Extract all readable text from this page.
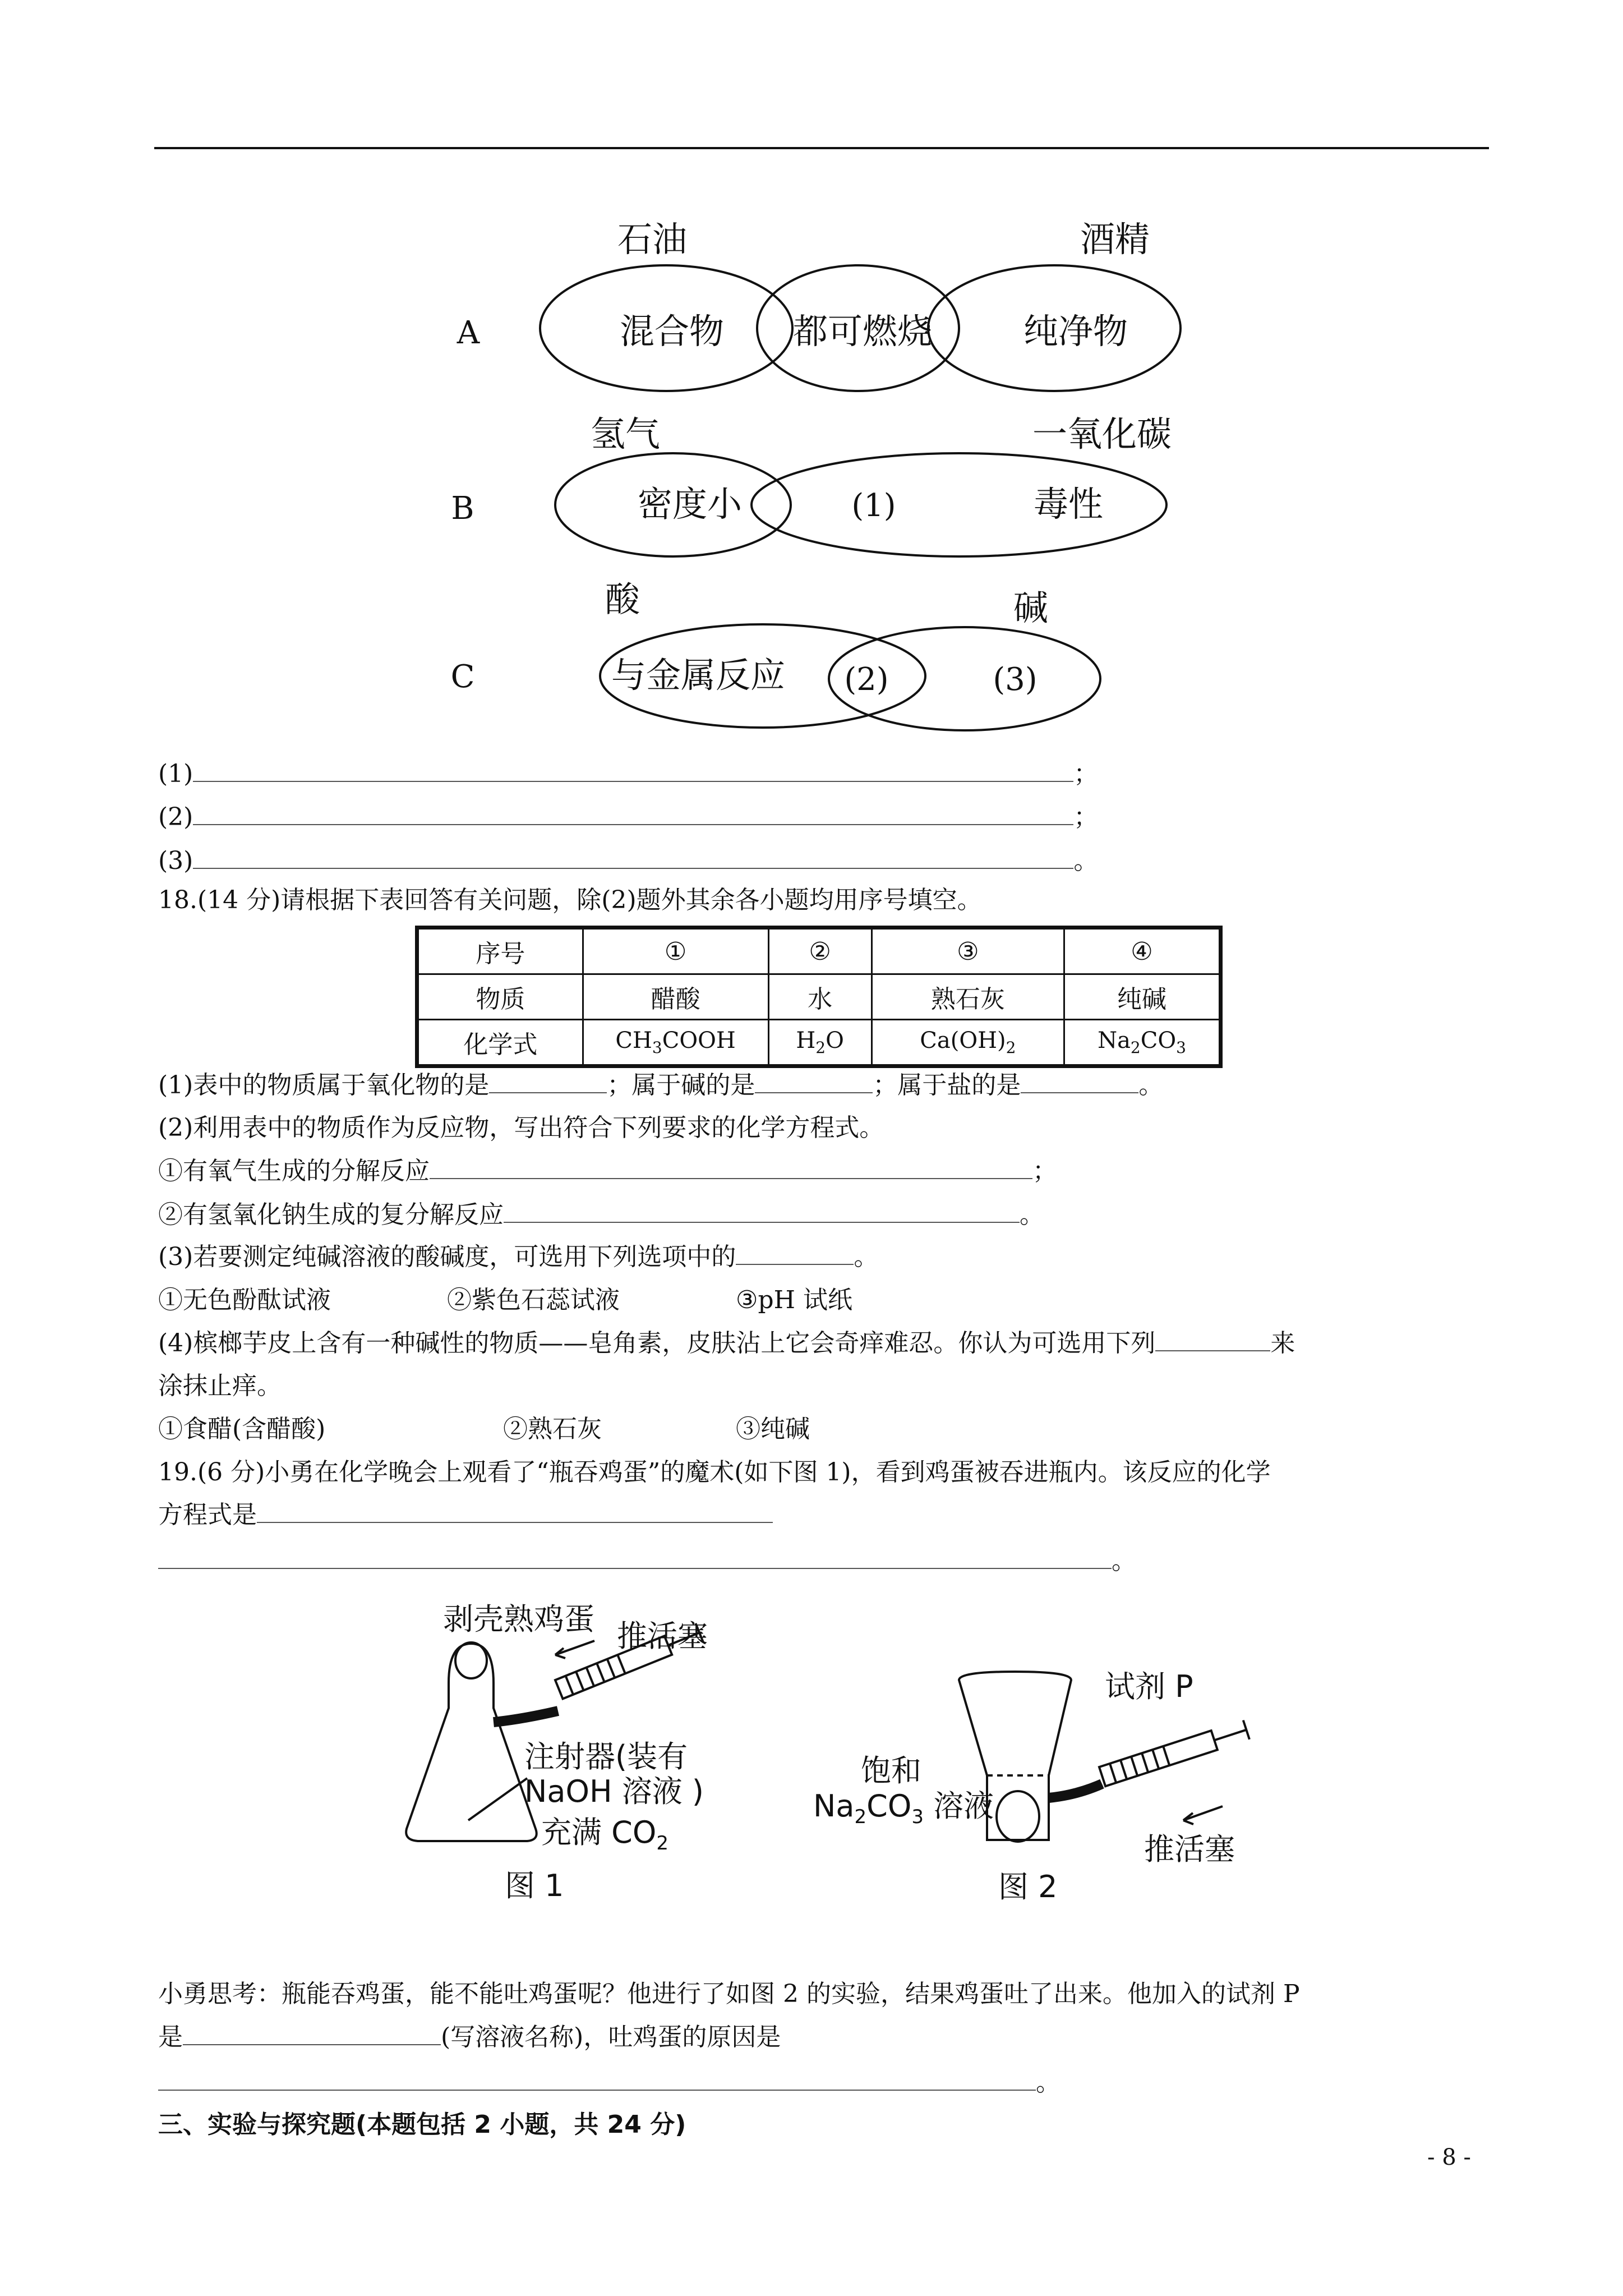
石油	酒精
A	混合物 都可燃烧	纯净物
氢气	一氧化碳
B	密度小	(1)	毒性
酸	碱
C	与金属反应 (2)	(3)
(1)	；
(2)	；
(3)	。
18.(14 分)请根据下表回答有关问题，除(2)题外其余各小题均用序号填空。
序号	①	②	③	④
物质	醋酸	水	熟石灰	纯碱
化学式	$CH_3COOH$	$H_2O$	$Ca(OH)_2$	$Na_2CO_3$
(1)表中的物质属于氧化物的是	；属于碱的是	；属于盐的是	。
(2)利用表中的物质作为反应物，写出符合下列要求的化学方程式。
①有氧气生成的分解反应	；
②有氢氧化钠生成的复分解反应	。
(3)若要测定纯碱溶液的酸碱度，可选用下列选项中的	。
①无色酚酞试液	②紫色石蕊试液	③pH 试纸
(4)槟榔芋皮上含有一种碱性的物质——皂角素，皮肤沾上它会奇痒难忍。你认为可选用下列	来
涂抹止痒。
①食醋(含醋酸)	②熟石灰	③纯碱
19.(6 分)小勇在化学晚会上观看了“瓶吞鸡蛋”的魔术(如下图 1)，看到鸡蛋被吞进瓶内。该反应的化学
方程式是
。
剥壳熟鸡蛋 推活塞
注射器(装有
NaOH 溶液 )
充满 $CO_2$
图 1
试剂 P
饱和
$Na_2CO_3$ 溶液
推活塞
图 2
小勇思考：瓶能吞鸡蛋，能不能吐鸡蛋呢？他进行了如图 2 的实验，结果鸡蛋吐了出来。他加入的试剂 P
是	(写溶液名称)，吐鸡蛋的原因是
。
三、实验与探究题(本题包括 2 小题，共 24 分)
- 8 -
